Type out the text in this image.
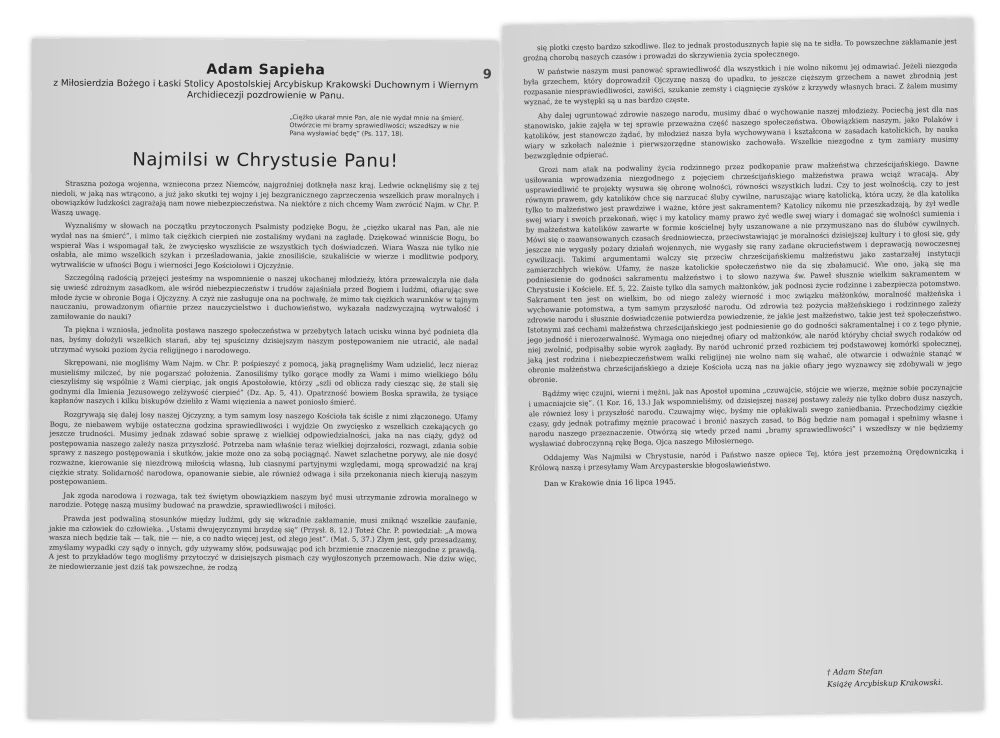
9
Adam Sapieha

z Miłosierdzia Bożego i Łaski Stolicy Apostolskiej Arcybiskup Krakowski Duchownym i Wiernym Archidiecezji pozdrowienie w Panu.

„Ciężko ukarał mnie Pan, ale nie wydał mnie na śmierć. Otwórzcie mi bramy sprawiedliwości; wszedłszy w nie Pana wysławiać będę” (Ps. 117, 18).

Najmilsi w Chrystusie Panu!

Straszna pożoga wojenna, wzniecona przez Niemców, najgroźniej dotknęła nasz kraj. Ledwie ocknęliśmy się z tej niedoli, w jaką nas wtrącono, a już jako skutki tej wojny i jej bezgranicznego zaprzeczenia wszelkich praw moralnych i obowiązków ludzkości zagrażają nam nowe niebezpieczeństwa. Na niektóre z nich chcemy Wam zwrócić Najm. w Chr. P. Waszą uwagę.

Wyznaliśmy w słowach na początku przytoczonych Psalmisty podzięke Bogu, że „ciężko ukarał nas Pan, ale nie wydał nas na śmierć”, i mimo tak ciężkich cierpień nie zostaliśmy wydani na zagładę. Dziękować winniście Bogu, bo wspierał Was i wspomagał tak, że zwycięsko wyszliście ze wszystkich tych doświadczeń. Wiara Wasza nie tylko nie osłabła, ale mimo wszelkich szykan i prześladowania, jakie znosiliście, szukaliście w wierze i modlitwie podpory, wytrwaliście w ufności Bogu i wierności Jego Kościołowi i Ojczyźnie.

Szczególną radością przejęci jesteśmy na wspomnienie o naszej ukochanej młodzieży, która przewalczyła nie dała się uwieść zdrożnym zasadkom, ale wśród niebezpieczeństw i trudów zajaśniała przed Bogiem i ludźmi, ofiarując swe młode życie w obronie Boga i Ojczyzny. A czyż nie zasługuje ona na pochwałę, że mimo tak ciężkich warunków w tajnym nauczaniu, prowadzonym ofiarnie przez nauczycielstwo i duchowieństwo, wykazała nadzwyczajną wytrwałość i zamiłowanie do nauki?

Ta piękna i wzniosła, jednolita postawa naszego społeczeństwa w przebytych latach ucisku winna być podnieta dla nas, byśmy dołożyli wszelkich starań, aby tej spuścizny dzisiejszym naszym postępowaniem nie utracić, ale nadal utrzymać wysoki poziom życia religijnego i narodowego.

Skrępowani, nie mogliśmy Wam Najm. w Chr. P. pośpieszyć z pomocą, jaką pragnęliśmy Wam udzielić, lecz nieraz musieliśmy milczeć, by nie pogarszać położenia. Zanosiliśmy tylko gorące modły za Wami i mimo wielkiego bólu cieszyliśmy się wspólnie z Wami cierpiąc, jak ongiś Apostołowie, którzy „szli od oblicza rady ciesząc się, że stali się godnymi dla Imienia Jezusowego zelżywość cierpieć” (Dz. Ap. 5, 41). Opatrzność bowiem Boska sprawiła, że tysiące kapłanów naszych i kilku biskupów dzieliło z Wami więzienia a nawet poniosło śmierć.

Rozgrywają się dalej losy naszej Ojczyzny, a tym samym losy naszego Kościoła tak ściśle z nimi złączonego. Ufamy Bogu, że niebawem wybije ostateczna godzina sprawiedliwości i wyjdzie On zwycięsko z wszelkich czekających go jeszcze trudności. Musimy jednak zdawać sobie sprawę z wielkiej odpowiedzialności, jaka na nas ciąży, gdyż od postępowania naszego zależy nasza przyszłość. Potrzeba nam właśnie teraz wielkiej dojrzałości, rozwagi, zdania sobie sprawy z naszego postępowania i skutków, jakie może ono za sobą pociągnąć. Nawet szlachetne porywy, ale nie dosyć rozważne, kierowanie się niezdrową miłością własną, lub ciasnymi partyjnymi względami, mogą sprowadzić na kraj ciężkie straty. Solidarność narodowa, opanowanie siebie, ale również odwaga i siła przekonania niech kierują naszym postępowaniem.

Jak zgoda narodowa i rozwaga, tak też świętym obowiązkiem naszym być musi utrzymanie zdrowia moralnego w narodzie. Potęgę naszą musimy budować na prawdzie, sprawiedliwości i miłości.

Prawda jest podwaliną stosunków między ludźmi, gdy się wkradnie zakłamanie, musi zniknąć wszelkie zaufanie, jakie ma człowiek do człowieka. „Ustami dwujęzycznymi brzydzę się” (Przysł. 8, 12.) Toteż Chr. P. powiedział: „A mowa wasza niech będzie tak — tak, nie — nie, a co nadto więcej jest, od złego jest”. (Mat. 5, 37.) Złym jest, gdy przesadzamy, zmyślamy wypadki czy sądy o innych, gdy używamy słów, podsuwając pod ich brzmienie znaczenie niezgodne z prawdą. A jest to przykładów tego mogliśmy przytoczyć w dzisiejszych pismach czy wygłoszonych przemowach. Nie dziw więc, że niedowierzanie jest dziś tak powszechne, że rodzą

się plotki często bardzo szkodliwe. Ileż to jednak prostodusznych łapie się na te sidła. To powszechne zakłamanie jest groźną chorobą naszych czasów i prowadzi do skrzywienia życia społecznego.

W państwie naszym musi panować sprawiedliwość dla wszystkich i nie wolno nikomu jej odmawiać. Jeżeli niezgoda była grzechem, który doprowadził Ojczyznę naszą do upadku, to jeszcze cięższym grzechem a nawet zbrodnią jest rozpasanie niesprawiedliwości, zawiści, szukanie zemsty i ciągnięcie zysków z krzywdy własnych braci. Z żalem musimy wyznać, że te występki są u nas bardzo częste.

Aby dalej ugruntować zdrowie naszego narodu, musimy dbać o wychowanie naszej młodzieży. Pociechą jest dla nas stanowisko, jakie zajęła w tej sprawie przeważna część naszego społeczeństwa. Obowiązkiem naszym, jako Polaków i katolików, jest stanowczo żądać, by młodzież nasza była wychowywana i kształcona w zasadach katolickich, by nauka wiary w szkołach należnie i pierwszorzędne stanowisko zachowała. Wszelkie niezgodne z tym zamiary musimy bezwzględnie odpierać.

Grozi nam atak na podwaliny życia rodzinnego przez podkopanie praw małżeństwa chrześcijańskiego. Dawne usiłowania wprowadzenia niezgodnego z pojęciem chrześcijańskiego małżeństwa prawa wciąż wracają. Aby usprawiedliwić te projekty wysuwa się obronę wolności, równości wszystkich ludzi. Czy to jest wolnością, czy to jest równym prawem, gdy katolików chce się narzucać śluby cywilne, naruszając wiarę katolicką, która uczy, że dla katolika tylko to małżeństwo jest prawdziwe i ważne, które jest sakramentem? Katolicy nikomu nie przeszkadzają, by żył wedle swej wiary i swoich przekonań, więc i my katolicy mamy prawo żyć wedle swej wiary i domagać się wolności sumienia i by małżeństwa katolików zawarte w formie kościelnej były uszanowane a nie przymuszano nas do ślubów cywilnych. Mówi się o zaawansowanych czasach średniowiecza, przeciwstawiając je moralności dzisiejszej kultury i to głosi się, gdy jeszcze nie wygasły pożary działań wojennych, nie wygasły się rany zadane okrucieństwem i deprawacją nowoczesnej cywilizacji. Takimi argumentami walczy się przeciw chrześcijańskiemu małżeństwu jako zastarzałej instytucji zamierzchłych wieków. Ufamy, że nasze katolickie społeczeństwo nie da się zbałamucić. Wie ono, jaką się ma podniesienie do godności sakramentu małżeństwo i to słowo nazywa św. Paweł słusznie wielkim sakramentem w Chrystusie i Kościele. Ef. 5, 22. Zaiste tylko dla samych małżonków, jak podnosi życie rodzinne i zabezpiecza potomstwo. Sakrament ten jest on wielkim, bo od niego zależy wierność i moc związku małżonków, moralność małżeńska i wychowanie potomstwa, a tym samym przyszłość narodu. Od zdrowia też pożycia małżeńskiego i rodzinnego zależy zdrowie narodu i słusznie doświadczenie potwierdza powiedzenie, że jakie jest małżeństwo, takie jest też społeczeństwo. Istotnymi zaś cechami małżeństwa chrześcijańskiego jest podniesienie go do godności sakramentalnej i co z tego płynie, jego jedność i nierozerwalność. Wymaga ono niejednej ofiary od małżonków, ale naród któryby chciał swych rodaków od niej zwolnić, podpisałby sobie wyrok zagłady. By naród uchronić przed rozbiciem tej podstawowej komórki społecznej, jaką jest rodzina i niebezpieczeństwem walki religijnej nie wolno nam się wahać, ale otwarcie i odważnie stanąć w obronie małżeństwa chrześcijańskiego a dzieje Kościoła uczą nas na jakie ofiary jego wyznawcy się zdobywali w jego obronie.

Bądźmy więc czujni, wierni i mężni, jak nas Apostoł upomina „czuwajcie, stójcie we wierze, mężnie sobie poczynajcie i umacniajcie się”. (1 Kor. 16, 13.) Jak wspomnieliśmy, od dzisiejszej naszej postawy zależy nie tylko dobro dusz naszych, ale również losy i przyszłość narodu. Czuwajmy więc, byśmy nie opłakiwali swego zaniedbania. Przechodzimy ciężkie czasy, gdy jednak potrafimy mężnie pracować i bronić naszych zasad, to Bóg będzie nam pomagał i spełnimy własne i narodu naszego przeznaczenie. Otwórzą się wtedy przed nami „bramy sprawiedliwości” i wszedłszy w nie będziemy wysławiać dobroczynną rękę Boga, Ojca naszego Miłosiernego.

Oddajemy Was Najmilsi w Chrystusie, naród i Państwo nasze opiece Tej, która jest przemożną Orędowniczką i Królową naszą i przesyłamy Wam Arcypasterskie błogosławieństwo.

Dan w Krakowie dnia 16 lipca 1945.

† Adam Stefan
Książę Arcybiskup Krakowski.
